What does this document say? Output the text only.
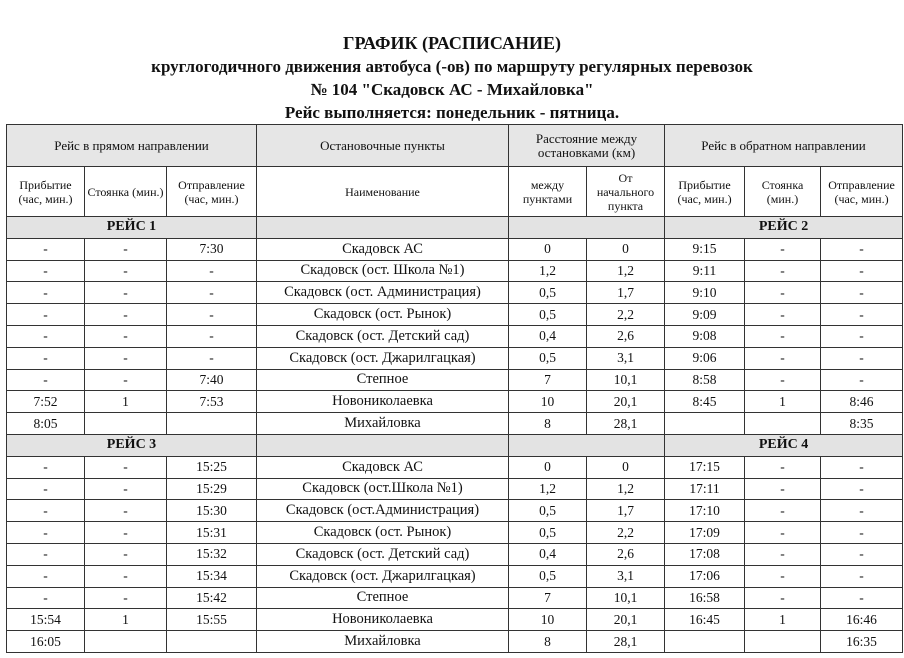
ГРАФИК (РАСПИСАНИЕ)
круглогодичного движения автобуса (-ов) по маршруту регулярных перевозок
№ 104 "Скадовск АС - Михайловка"
Рейс выполняется: понедельник - пятница.
Рейс в прямом направлении			Остановочные пункты	Расстояние между остановками (км)		Рейс в обратном направлении		
Прибытие (час, мин.)	Стоянка (мин.)	Отправление (час, мин.)	Наименование	между пунктами	От начального пункта	Прибытие (час, мин.)	Стоянка (мин.)	Отправление (час, мин.)
РЕЙС 1						РЕЙС 2		
-	-	7:30	Скадовск АС	0	0	9:15	-	-
-	-	-	Скадовск (ост. Школа №1)	1,2	1,2	9:11	-	-
-	-	-	Скадовск (ост. Администрация)	0,5	1,7	9:10	-	-
-	-	-	Скадовск (ост. Рынок)	0,5	2,2	9:09	-	-
-	-	-	Скадовск (ост. Детский сад)	0,4	2,6	9:08	-	-
-	-	-	Скадовск (ост. Джарилгацкая)	0,5	3,1	9:06	-	-
-	-	7:40	Степное	7	10,1	8:58	-	-
7:52	1	7:53	Новониколаевка	10	20,1	8:45	1	8:46
8:05			Михайловка	8	28,1			8:35
РЕЙС 3						РЕЙС 4		
-	-	15:25	Скадовск АС	0	0	17:15	-	-
-	-	15:29	Скадовск (ост.Школа №1)	1,2	1,2	17:11	-	-
-	-	15:30	Скадовск (ост.Администрация)	0,5	1,7	17:10	-	-
-	-	15:31	Скадовск (ост. Рынок)	0,5	2,2	17:09	-	-
-	-	15:32	Скадовск (ост. Детский сад)	0,4	2,6	17:08	-	-
-	-	15:34	Скадовск (ост. Джарилгацкая)	0,5	3,1	17:06	-	-
-	-	15:42	Степное	7	10,1	16:58	-	-
15:54	1	15:55	Новониколаевка	10	20,1	16:45	1	16:46
16:05			Михайловка	8	28,1			16:35
